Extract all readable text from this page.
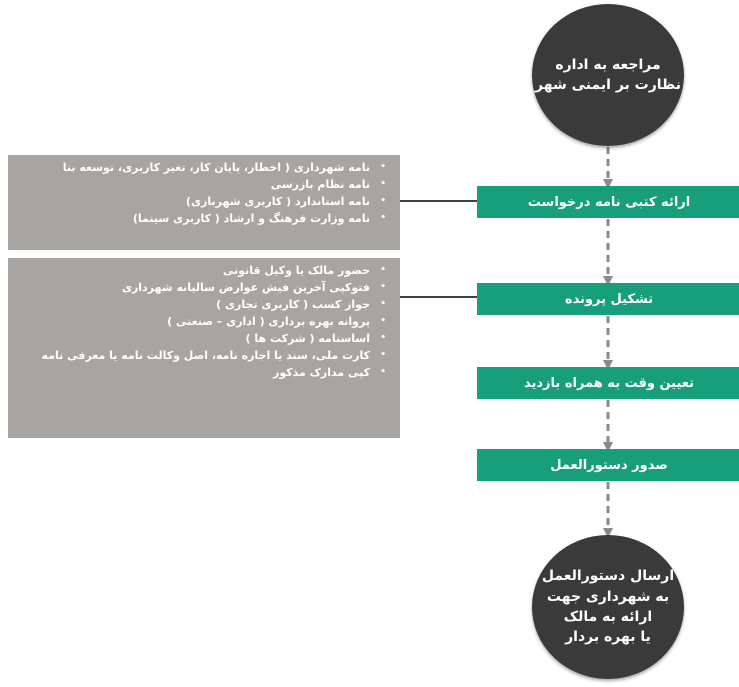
مراجعه به اداره
نظارت بر ایمنی شهر
ارائه کتبی نامه درخواست
تشکیل پرونده
تعیین وقت به همراه بازدید
صدور دستورالعمل
ارسال دستورالعمل
به شهرداری جهت
ارائه به مالک
یا بهره بردار
•
نامه شهرداری ( اخطار، پایان کار، تغیر کاربری، توسعه بنا
•
نامه نظام بازرسی
•
نامه استاندارد ( کاربری شهربازی)
•
نامه وزارت فرهنگ و ارشاد ( کاربری سینما)
•
حضور مالک یا وکیل قانونی
•
فتوکپی آخرین فیش عوارض سالیانه شهرداری
•
جواز کسب ( کاربری تجاری )
•
پروانه بهره برداری ( اداری – صنعتی )
•
اساسنامه ( شرکت ها )
•
کارت ملی، سند یا اجاره نامه، اصل وکالت نامه یا معرفی نامه
•
کپی مدارک مذکور
